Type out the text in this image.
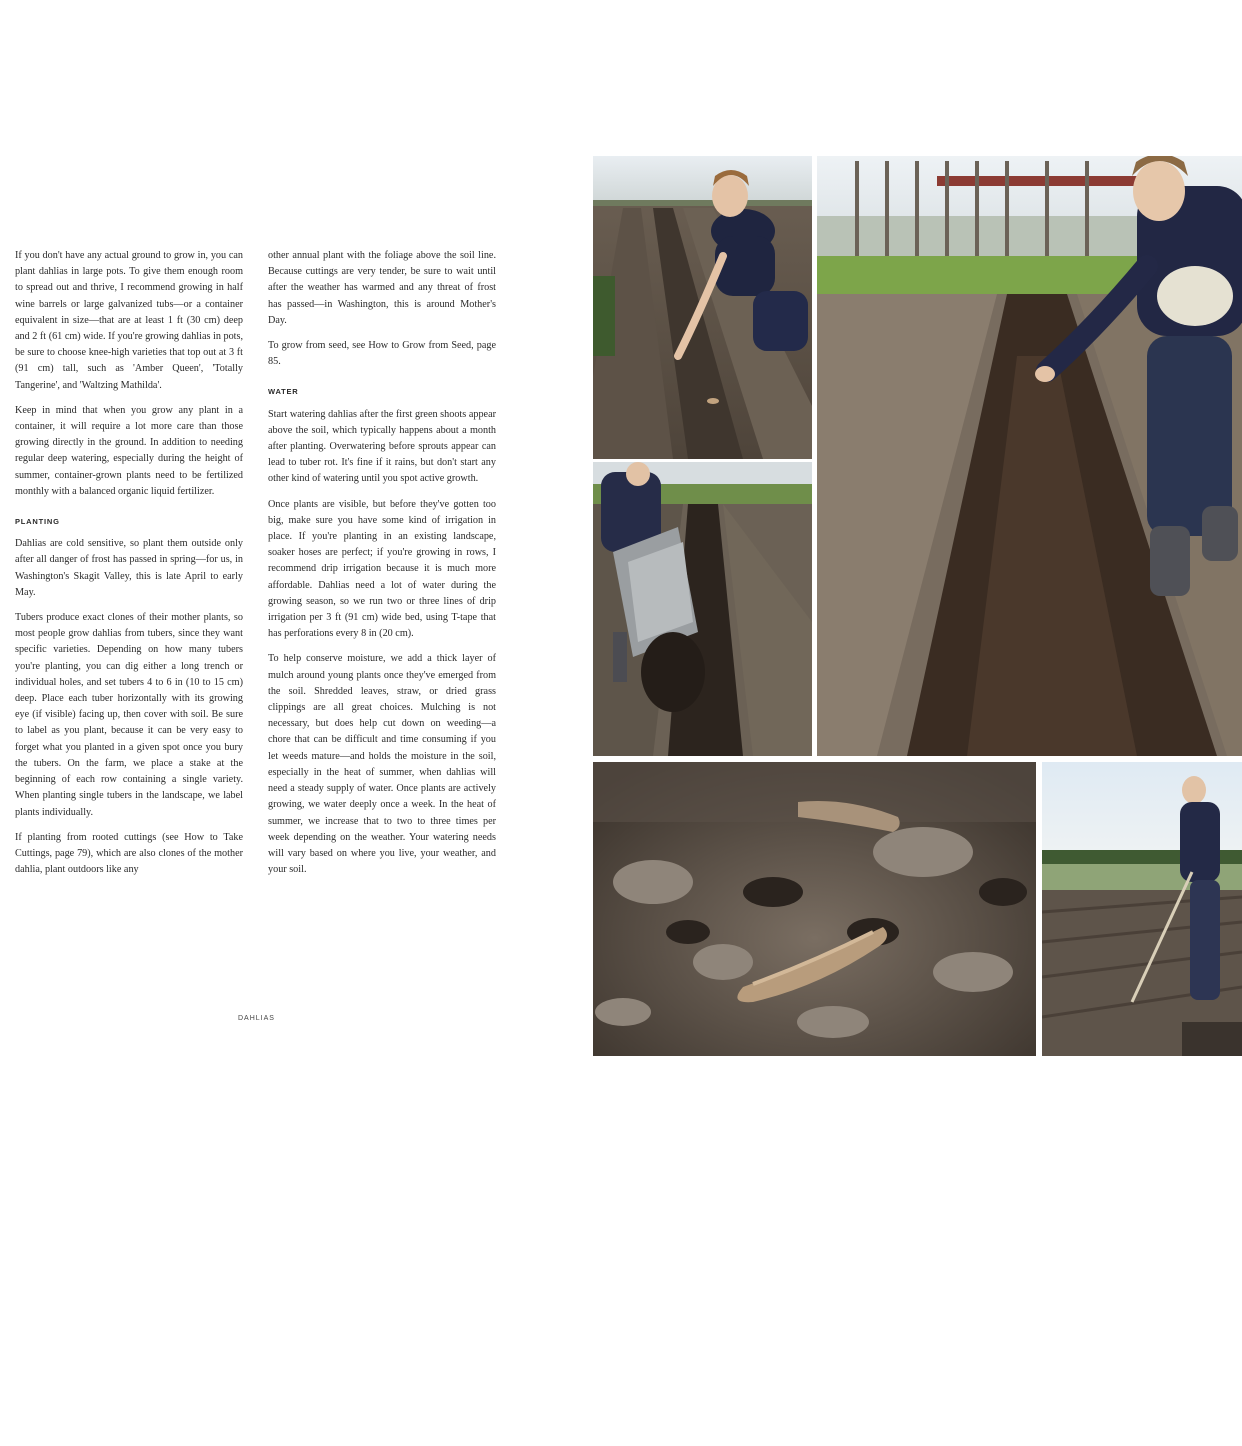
If you don't have any actual ground to grow in, you can plant dahlias in large pots. To give them enough room to spread out and thrive, I recommend growing in half wine barrels or large galvanized tubs—or a container equivalent in size—that are at least 1 ft (30 cm) deep and 2 ft (61 cm) wide. If you're growing dahlias in pots, be sure to choose knee-high varieties that top out at 3 ft (91 cm) tall, such as 'Amber Queen', 'Totally Tangerine', and 'Waltzing Mathilda'.

Keep in mind that when you grow any plant in a container, it will require a lot more care than those growing directly in the ground. In addition to needing regular deep watering, especially during the height of summer, container-grown plants need to be fertilized monthly with a balanced organic liquid fertilizer.

PLANTING

Dahlias are cold sensitive, so plant them outside only after all danger of frost has passed in spring—for us, in Washington's Skagit Valley, this is late April to early May.

Tubers produce exact clones of their mother plants, so most people grow dahlias from tubers, since they want specific varieties. Depending on how many tubers you're planting, you can dig either a long trench or individual holes, and set tubers 4 to 6 in (10 to 15 cm) deep. Place each tuber horizontally with its growing eye (if visible) facing up, then cover with soil. Be sure to label as you plant, because it can be very easy to forget what you planted in a given spot once you bury the tubers. On the farm, we place a stake at the beginning of each row containing a single variety. When planting single tubers in the landscape, we label plants individually.

If planting from rooted cuttings (see How to Take Cuttings, page 79), which are also clones of the mother dahlia, plant outdoors like any

other annual plant with the foliage above the soil line. Because cuttings are very tender, be sure to wait until after the weather has warmed and any threat of frost has passed—in Washington, this is around Mother's Day.

To grow from seed, see How to Grow from Seed, page 85.

WATER

Start watering dahlias after the first green shoots appear above the soil, which typically happens about a month after planting. Overwatering before sprouts appear can lead to tuber rot. It's fine if it rains, but don't start any other kind of watering until you spot active growth.

Once plants are visible, but before they've gotten too big, make sure you have some kind of irrigation in place. If you're planting in an existing landscape, soaker hoses are perfect; if you're growing in rows, I recommend drip irrigation because it is much more affordable. Dahlias need a lot of water during the growing season, so we run two or three lines of drip irrigation per 3 ft (91 cm) wide bed, using T-tape that has perforations every 8 in (20 cm).

To help conserve moisture, we add a thick layer of mulch around young plants once they've emerged from the soil. Shredded leaves, straw, or dried grass clippings are all great choices. Mulching is not necessary, but does help cut down on weeding—a chore that can be difficult and time consuming if you let weeds mature—and holds the moisture in the soil, especially in the heat of summer, when dahlias will need a steady supply of water. Once plants are actively growing, we water deeply once a week. In the heat of summer, we increase that to two to three times per week depending on the weather. Your watering needs will vary based on where you live, your weather, and your soil.

DAHLIAS
